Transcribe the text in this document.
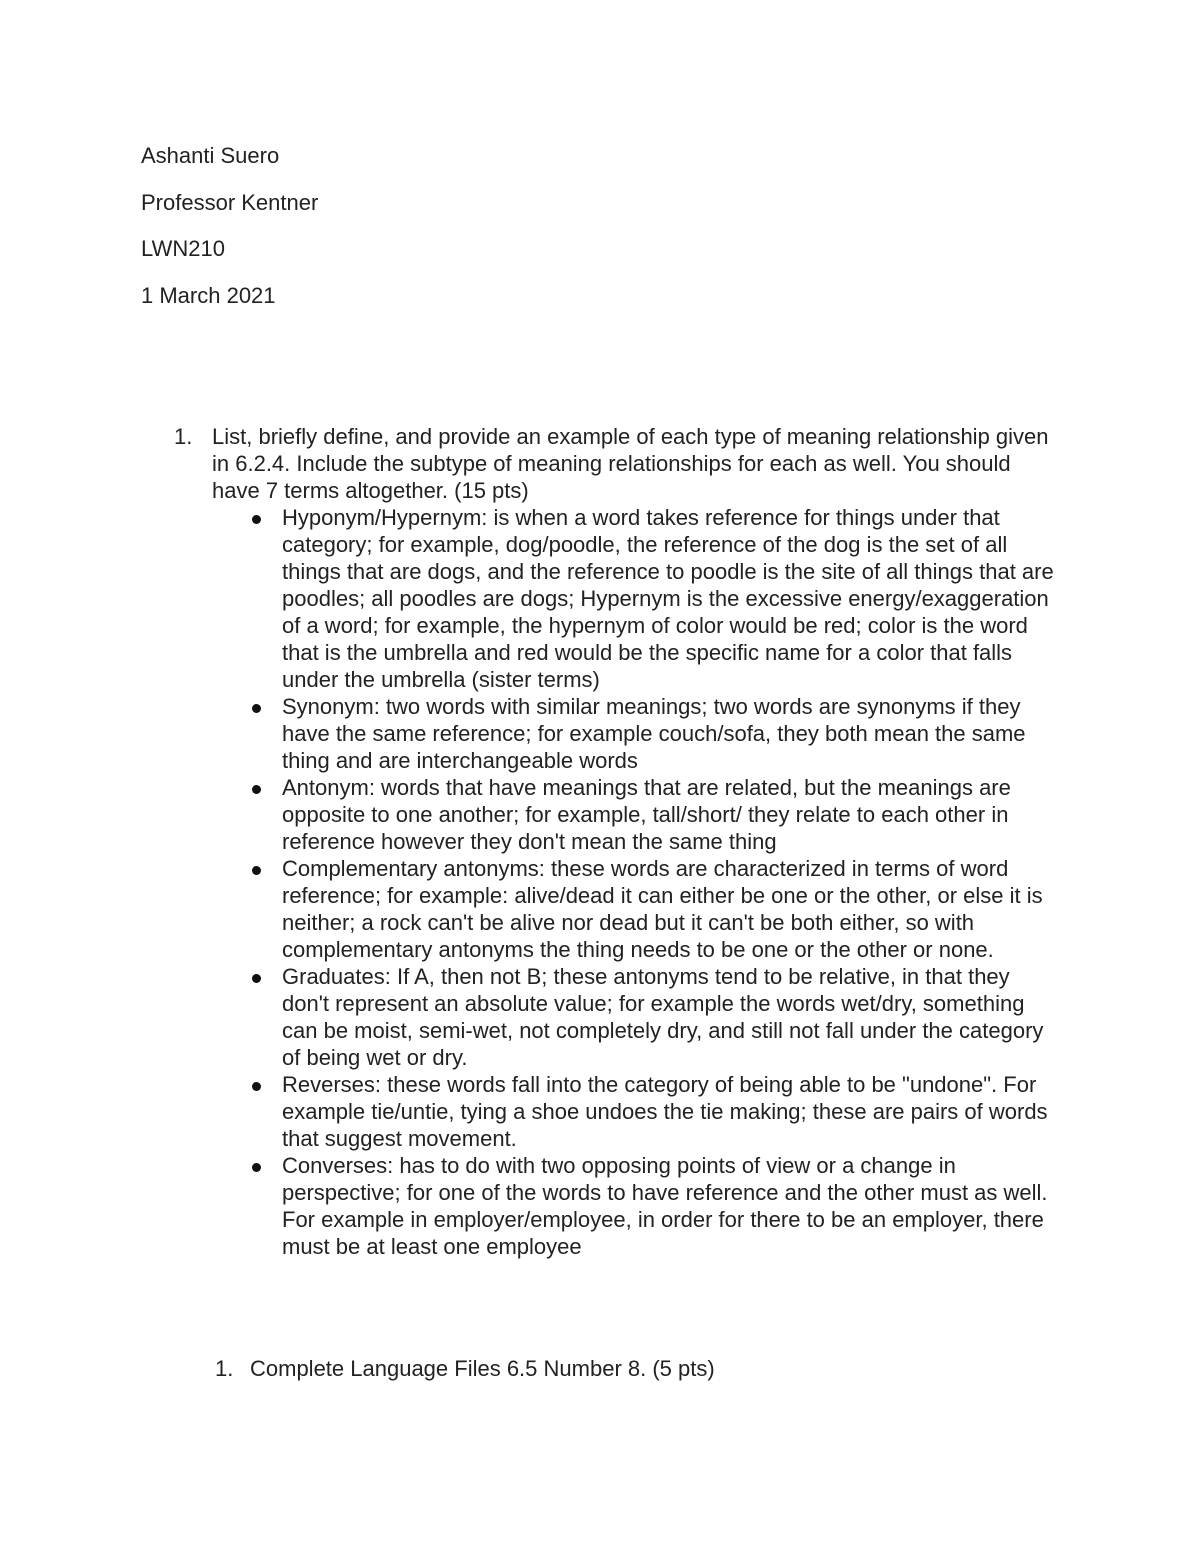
Ashanti Suero

Professor Kentner

LWN210

1 March 2021

1. List, briefly define, and provide an example of each type of meaning relationship given in 6.2.4. Include the subtype of meaning relationships for each as well. You should have 7 terms altogether. (15 pts)
Hyponym/Hypernym: is when a word takes reference for things under that category; for example, dog/poodle, the reference of the dog is the set of all things that are dogs, and the reference to poodle is the site of all things that are poodles; all poodles are dogs; Hypernym is the excessive energy/exaggeration of a word; for example, the hypernym of color would be red; color is the word that is the umbrella and red would be the specific name for a color that falls under the umbrella (sister terms)
Synonym: two words with similar meanings; two words are synonyms if they have the same reference; for example couch/sofa, they both mean the same thing and are interchangeable words
Antonym: words that have meanings that are related, but the meanings are opposite to one another; for example, tall/short/ they relate to each other in reference however they don't mean the same thing
Complementary antonyms: these words are characterized in terms of word reference; for example: alive/dead it can either be one or the other, or else it is neither; a rock can't be alive nor dead but it can't be both either, so with complementary antonyms the thing needs to be one or the other or none.
Graduates: If A, then not B; these antonyms tend to be relative, in that they don't represent an absolute value; for example the words wet/dry, something can be moist, semi-wet, not completely dry, and still not fall under the category of being wet or dry.
Reverses: these words fall into the category of being able to be "undone". For example tie/untie, tying a shoe undoes the tie making; these are pairs of words that suggest movement.
Converses: has to do with two opposing points of view or a change in perspective; for one of the words to have reference and the other must as well. For example in employer/employee, in order for there to be an employer, there must be at least one employee
1. Complete Language Files 6.5 Number 8. (5 pts)
